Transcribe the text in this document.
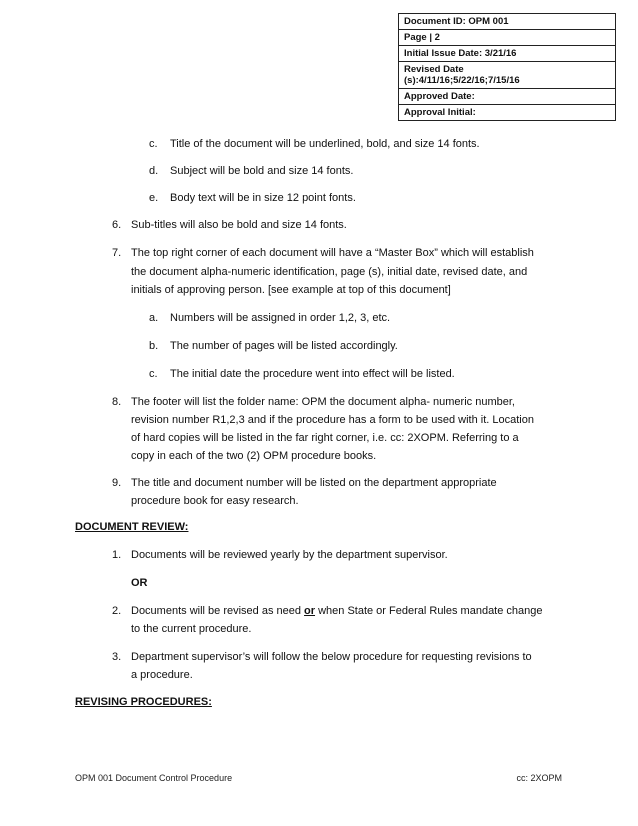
Document ID: OPM 001
Page | 2
Initial Issue Date: 3/21/16
Revised Date
(s):4/11/16;5/22/16;7/15/16
Approved Date:
Approval Initial:
c. Title of the document will be underlined, bold, and size 14 fonts.
d. Subject will be bold and size 14 fonts.
e. Body text will be in size 12 point fonts.
6. Sub-titles will also be bold and size 14 fonts.
7. The top right corner of each document will have a “Master Box” which will establish
the document alpha-numeric identification, page (s), initial date, revised date, and
initials of approving person. [see example at top of this document]
a. Numbers will be assigned in order 1,2, 3, etc.
b. The number of pages will be listed accordingly.
c. The initial date the procedure went into effect will be listed.
8. The footer will list the folder name: OPM the document alpha- numeric number,
revision number R1,2,3 and if the procedure has a form to be used with it. Location
of hard copies will be listed in the far right corner, i.e. cc: 2XOPM. Referring to a
copy in each of the two (2) OPM procedure books.
9. The title and document number will be listed on the department appropriate
procedure book for easy research.
DOCUMENT REVIEW:
1. Documents will be reviewed yearly by the department supervisor.
OR
2. Documents will be revised as need or when State or Federal Rules mandate change
to the current procedure.
3. Department supervisor’s will follow the below procedure for requesting revisions to
a procedure.
REVISING PROCEDURES:
OPM 001 Document Control Procedure	cc: 2XOPM
